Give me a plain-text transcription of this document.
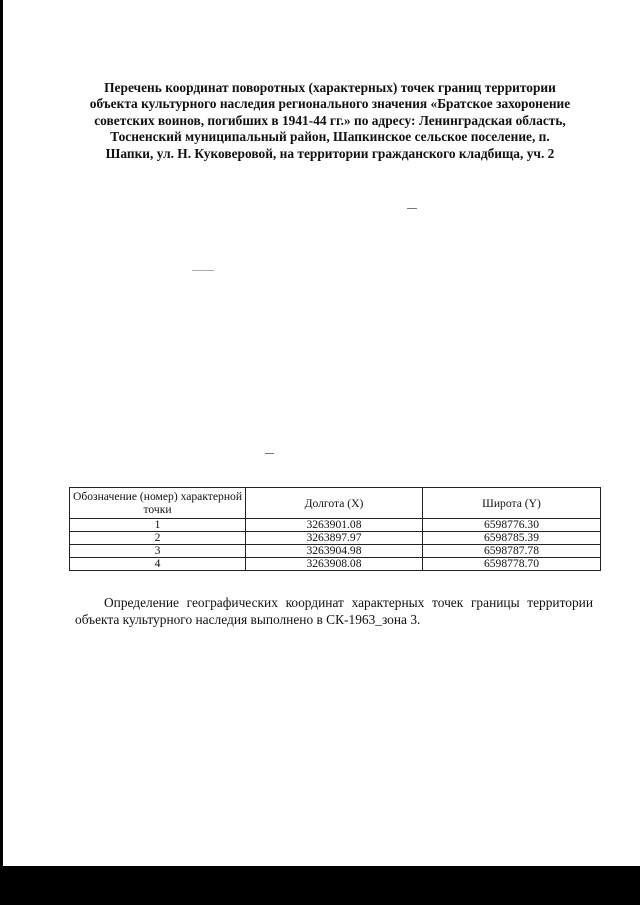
Перечень координат поворотных (характерных) точек границ территории
объекта культурного наследия регионального значения «Братское захоронение
советских воинов, погибших в 1941-44 гг.» по адресу: Ленинградская область,
Тосненский муниципальный район, Шапкинское сельское поселение, п.
Шапки, ул. Н. Куковеровой, на территории гражданского кладбища, уч. 2
Обозначение (номер) характерной точки	Долгота (X)	Широта (Y)
1	3263901.08	6598776.30
2	3263897.97	6598785.39
3	3263904.98	6598787.78
4	3263908.08	6598778.70

Определение географических координат характерных точек границы территории объекта культурного наследия выполнено в СК-1963_зона 3.
